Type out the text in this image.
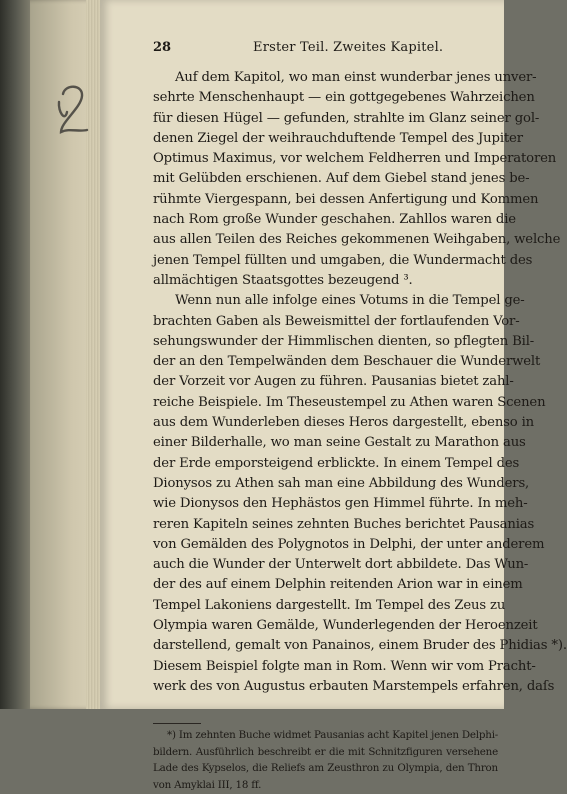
28	Erster Teil. Zweites Kapitel.
Auf dem Kapitol, wo man einst wunderbar jenes unver-
sehrte Menschenhaupt — ein gottgegebenes Wahrzeichen
für diesen Hügel — gefunden, strahlte im Glanz seiner gol-
denen Ziegel der weihrauchduftende Tempel des Jupiter
Optimus Maximus, vor welchem Feldherren und Imperatoren
mit Gelübden erschienen. Auf dem Giebel stand jenes be-
rühmte Viergespann, bei dessen Anfertigung und Kommen
nach Rom große Wunder geschahen. Zahllos waren die
aus allen Teilen des Reiches gekommenen Weihgaben, welche
jenen Tempel füllten und umgaben, die Wundermacht des
allmächtigen Staatsgottes bezeugend ³.
Wenn nun alle infolge eines Votums in die Tempel ge-
brachten Gaben als Beweismittel der fortlaufenden Vor-
sehungswunder der Himmlischen dienten, so pflegten Bil-
der an den Tempelwänden dem Beschauer die Wunderwelt
der Vorzeit vor Augen zu führen. Pausanias bietet zahl-
reiche Beispiele. Im Theseustempel zu Athen waren Scenen
aus dem Wunderleben dieses Heros dargestellt, ebenso in
einer Bilderhalle, wo man seine Gestalt zu Marathon aus
der Erde emporsteigend erblickte. In einem Tempel des
Dionysos zu Athen sah man eine Abbildung des Wunders,
wie Dionysos den Hephästos gen Himmel führte. In meh-
reren Kapiteln seines zehnten Buches berichtet Pausanias
von Gemälden des Polygnotos in Delphi, der unter anderem
auch die Wunder der Unterwelt dort abbildete. Das Wun-
der des auf einem Delphin reitenden Arion war in einem
Tempel Lakoniens dargestellt. Im Tempel des Zeus zu
Olympia waren Gemälde, Wunderlegenden der Heroenzeit
darstellend, gemalt von Panainos, einem Bruder des Phidias *).
Diesem Beispiel folgte man in Rom. Wenn wir vom Pracht-
werk des von Augustus erbauten Marstempels erfahren, daſs
*) Im zehnten Buche widmet Pausanias acht Kapitel jenen Delphi-
bildern. Ausführlich beschreibt er die mit Schnitzfiguren versehene
Lade des Kypselos, die Reliefs am Zeusthron zu Olympia, den Thron
von Amyklai III, 18 ff.
